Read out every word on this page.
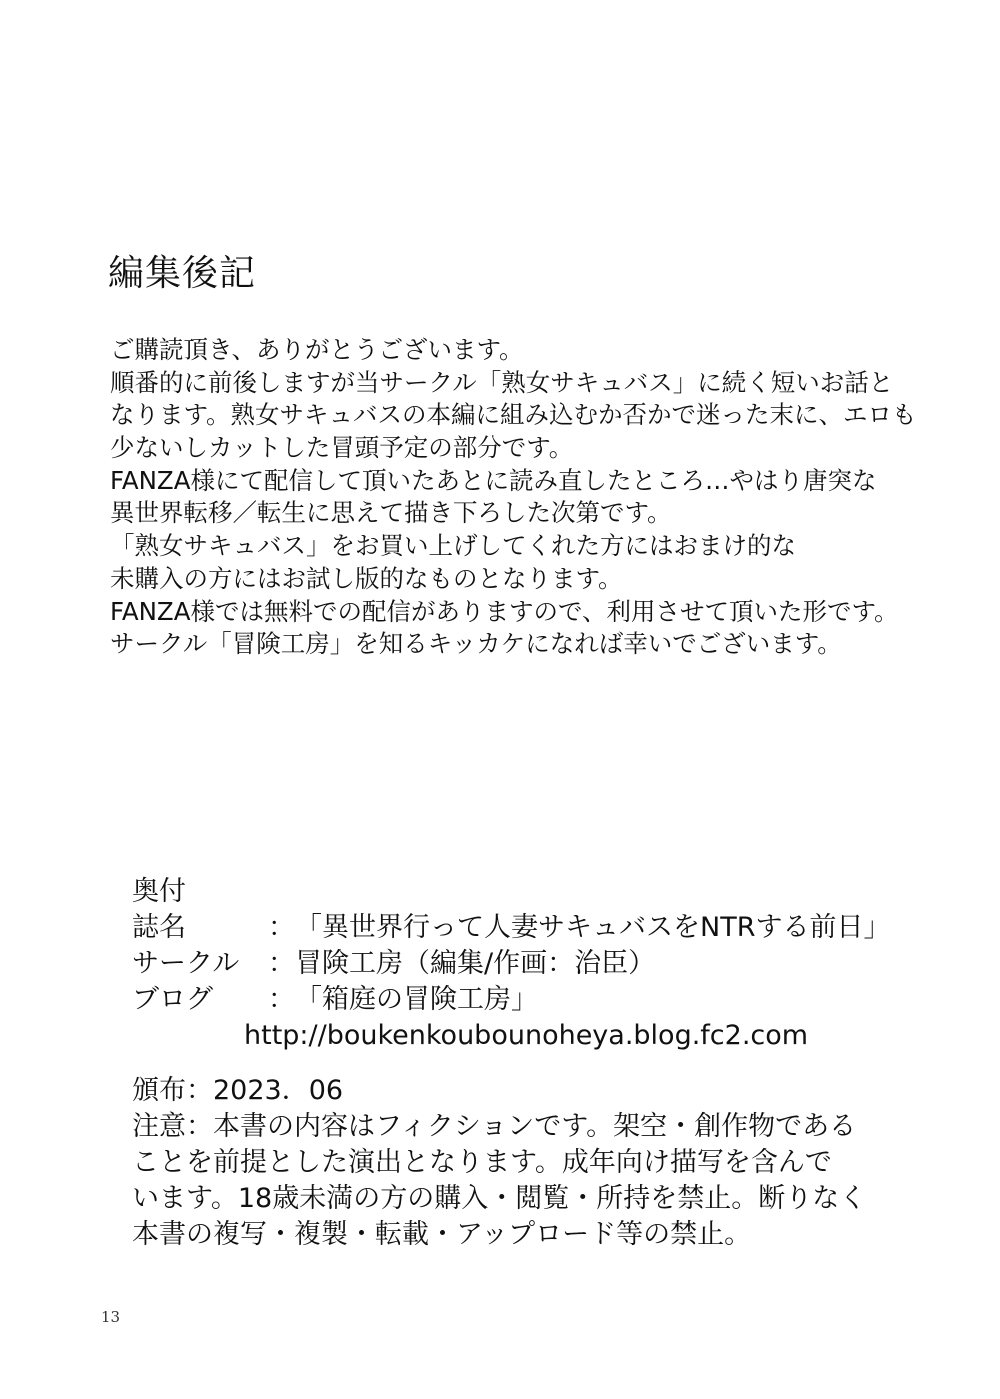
編集後記
ご購読頂き、ありがとうございます。
順番的に前後しますが当サークル「熟女サキュバス」に続く短いお話と
なります。熟女サキュバスの本編に組み込むか否かで迷った末に、エロも
少ないしカットした冒頭予定の部分です。
FANZA様にて配信して頂いたあとに読み直したところ…やはり唐突な
異世界転移／転生に思えて描き下ろした次第です。
「熟女サキュバス」をお買い上げしてくれた方にはおまけ的な
未購入の方にはお試し版的なものとなります。
FANZA様では無料での配信がありますので、利用させて頂いた形です。
サークル「冒険工房」を知るキッカケになれば幸いでございます。
奥付
誌名	：「異世界行って人妻サキュバスをNTRする前日」
サークル ：冒険工房（編集/作画：治臣）
ブログ ：「箱庭の冒険工房」
http://boukenkoubounoheya.blog.fc2.com
頒布：2023．06
注意：本書の内容はフィクションです。架空・創作物である
ことを前提とした演出となります。成年向け描写を含んで
います。18歳未満の方の購入・閲覧・所持を禁止。断りなく
本書の複写・複製・転載・アップロード等の禁止。
13
